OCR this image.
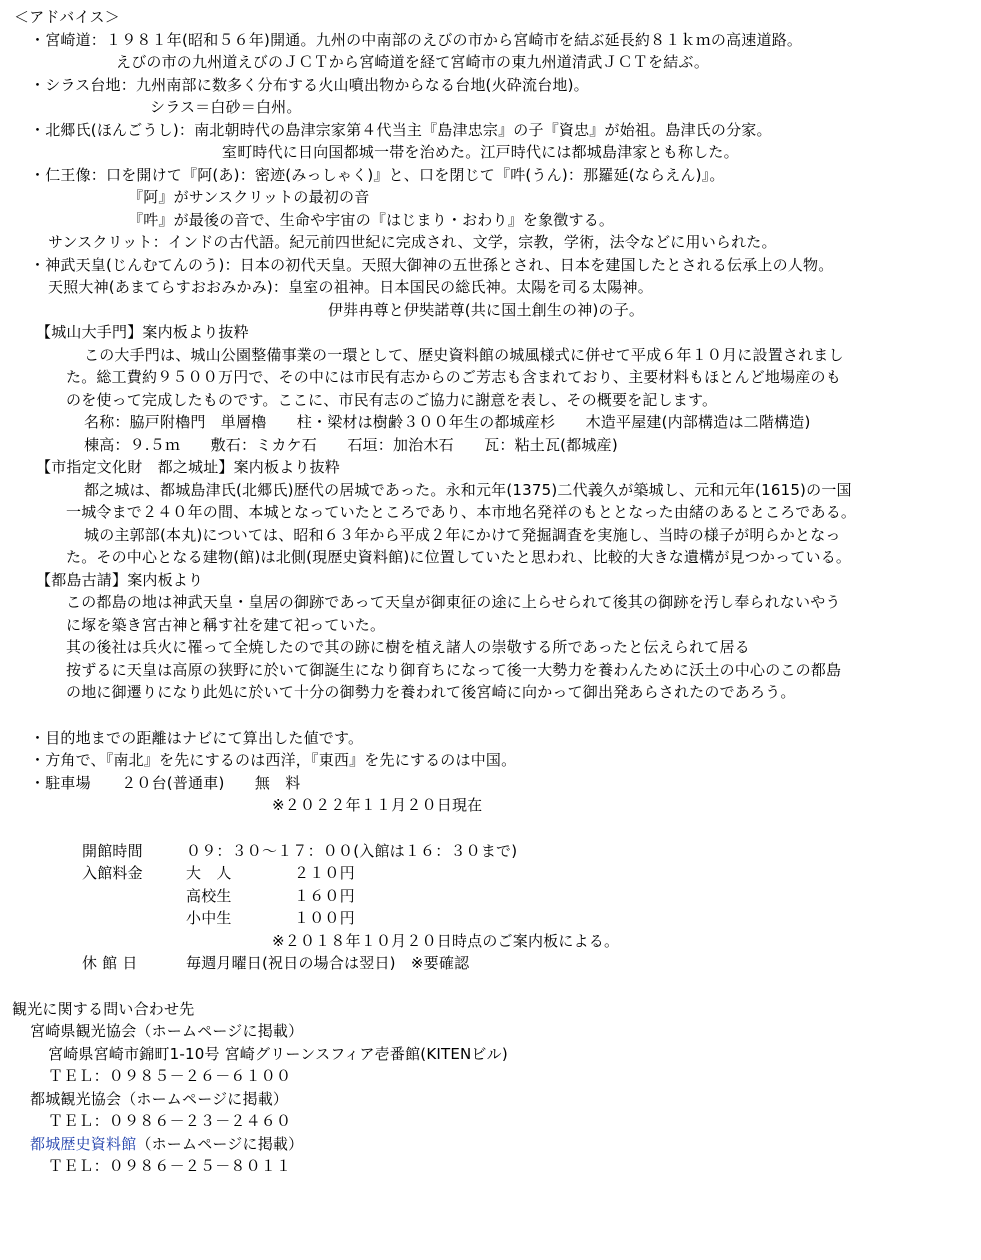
＜アドバイス＞
・宮崎道：１９８１年(昭和５６年)開通。九州の中南部のえびの市から宮崎市を結ぶ延長約８１ｋｍの高速道路。
えびの市の九州道えびのＪＣＴから宮崎道を経て宮崎市の東九州道清武ＪＣＴを結ぶ。
・シラス台地：九州南部に数多く分布する火山噴出物からなる台地(火砕流台地)。
シラス＝白砂＝白州。
・北郷氏(ほんごうし)：南北朝時代の島津宗家第４代当主『島津忠宗』の子『資忠』が始祖。島津氏の分家。
室町時代に日向国都城一帯を治めた。江戸時代には都城島津家とも称した。
・仁王像：口を開けて『阿(あ)：密迹(みっしゃく)』と、口を閉じて『吽(うん)：那羅延(ならえん)』。
『阿』がサンスクリットの最初の音
『吽』が最後の音で、生命や宇宙の『はじまり・おわり』を象徴する。
サンスクリット：インドの古代語。紀元前四世紀に完成され、文学，宗教，学術，法令などに用いられた。
・神武天皇(じんむてんのう)：日本の初代天皇。天照大御神の五世孫とされ、日本を建国したとされる伝承上の人物。
天照大神(あまてらすおおみかみ)：皇室の祖神。日本国民の総氏神。太陽を司る太陽神。
伊弉冉尊と伊奘諾尊(共に国土創生の神)の子。
【城山大手門】案内板より抜粋
この大手門は、城山公園整備事業の一環として、歴史資料館の城風様式に併せて平成６年１０月に設置されまし
た。総工費約９５００万円で、その中には市民有志からのご芳志も含まれており、主要材料もほとんど地場産のも
のを使って完成したものです。ここに、市民有志のご協力に謝意を表し、その概要を記します。
名称：脇戸附櫓門　単層櫓　　柱・梁材は樹齢３００年生の都城産杉　　木造平屋建(内部構造は二階構造)
棟高：９.５ｍ　　敷石：ミカケ石　　石垣：加治木石　　瓦：粘土瓦(都城産)
【市指定文化財　都之城址】案内板より抜粋
都之城は、都城島津氏(北郷氏)歴代の居城であった。永和元年(1375)二代義久が築城し、元和元年(1615)の一国
一城令まで２４０年の間、本城となっていたところであり、本市地名発祥のもととなった由緒のあるところである。
城の主郭部(本丸)については、昭和６３年から平成２年にかけて発掘調査を実施し、当時の様子が明らかとなっ
た。その中心となる建物(館)は北側(現歴史資料館)に位置していたと思われ、比較的大きな遺構が見つかっている。
【都島古請】案内板より
この都島の地は神武天皇・皇居の御跡であって天皇が御東征の途に上らせられて後其の御跡を汚し奉られないやう
に塚を築き宮古神と稱す社を建て祀っていた。
其の後社は兵火に罹って全焼したので其の跡に樹を植え諸人の崇敬する所であったと伝えられて居る
按ずるに天皇は高原の狭野に於いて御誕生になり御育ちになって後一大勢力を養わんために沃土の中心のこの都島
の地に御遷りになり此処に於いて十分の御勢力を養われて後宮崎に向かって御出発あらされたのであろう。
・目的地までの距離はナビにて算出した値です。
・方角で、『南北』を先にするのは西洋，『東西』を先にするのは中国。
・駐車場　　２０台(普通車)　　無　料
※２０２２年１１月２０日現在
開館時間	０９：３０～１７：００(入館は１６：３０まで)
入館料金	大　人	２１０円
高校生	１６０円
小中生	１００円
※２０１８年１０月２０日時点のご案内板による。
休 館 日	毎週月曜日(祝日の場合は翌日)　※要確認
観光に関する問い合わせ先
宮崎県観光協会（ホームページに掲載）
宮崎県宮崎市錦町1-10号 宮崎グリーンスフィア壱番館(KITENビル)
ＴＥＬ：０９８５－２６－６１００
都城観光協会（ホームページに掲載）
ＴＥＬ：０９８６－２３－２４６０
都城歴史資料館（ホームページに掲載）
ＴＥＬ：０９８６－２５－８０１１
